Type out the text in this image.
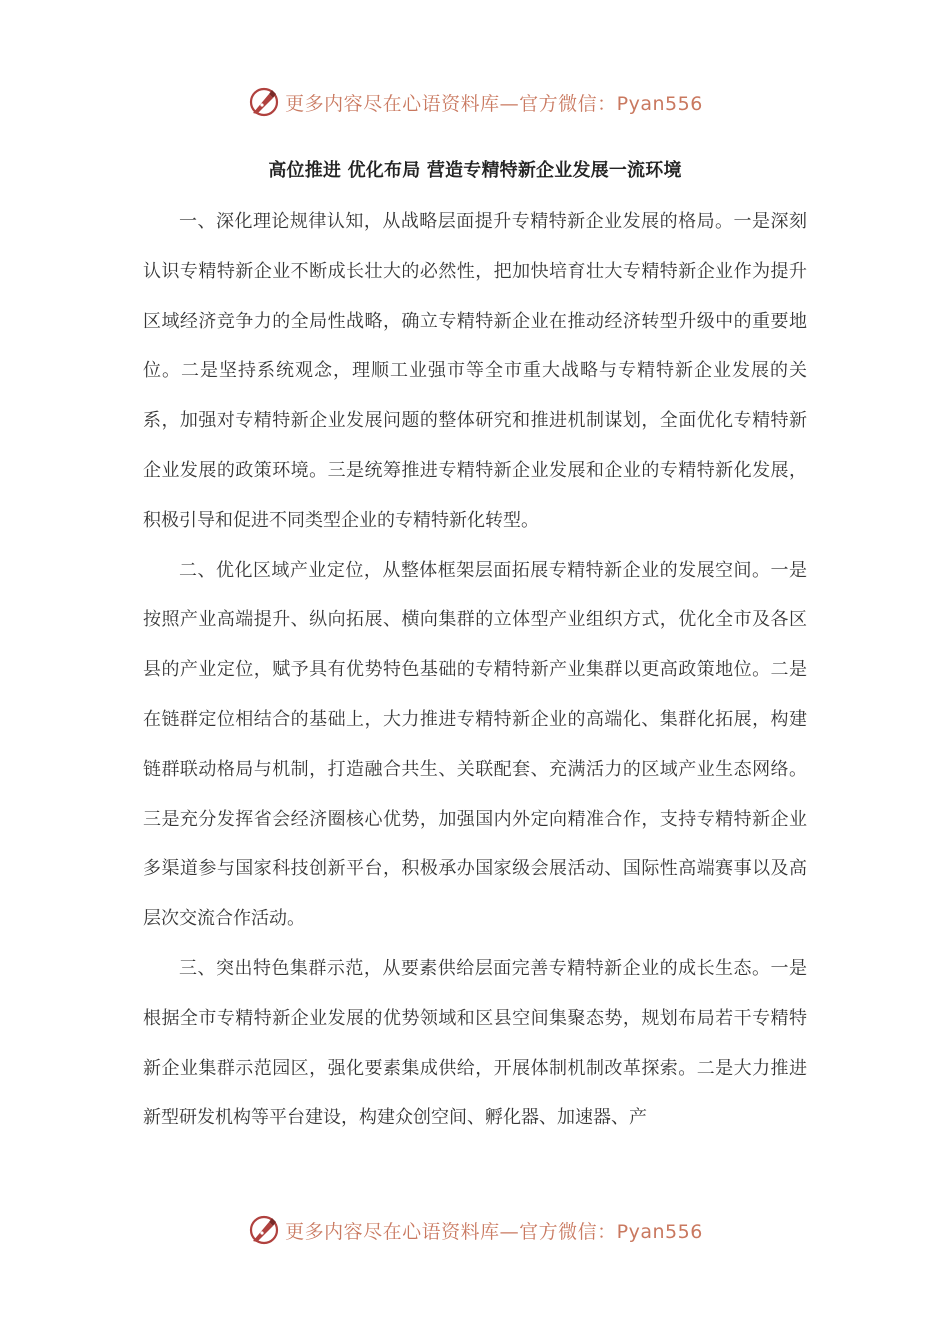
更多内容尽在心语资料库—官方微信：Pyan556
高位推进 优化布局 营造专精特新企业发展一流环境

一、深化理论规律认知，从战略层面提升专精特新企业发展的格局。一是深刻认识专精特新企业不断成长壮大的必然性，把加快培育壮大专精特新企业作为提升区域经济竞争力的全局性战略，确立专精特新企业在推动经济转型升级中的重要地位。二是坚持系统观念，理顺工业强市等全市重大战略与专精特新企业发展的关系，加强对专精特新企业发展问题的整体研究和推进机制谋划，全面优化专精特新企业发展的政策环境。三是统筹推进专精特新企业发展和企业的专精特新化发展，积极引导和促进不同类型企业的专精特新化转型。

二、优化区域产业定位，从整体框架层面拓展专精特新企业的发展空间。一是按照产业高端提升、纵向拓展、横向集群的立体型产业组织方式，优化全市及各区县的产业定位，赋予具有优势特色基础的专精特新产业集群以更高政策地位。二是在链群定位相结合的基础上，大力推进专精特新企业的高端化、集群化拓展，构建链群联动格局与机制，打造融合共生、关联配套、充满活力的区域产业生态网络。三是充分发挥省会经济圈核心优势，加强国内外定向精准合作，支持专精特新企业多渠道参与国家科技创新平台，积极承办国家级会展活动、国际性高端赛事以及高层次交流合作活动。

三、突出特色集群示范，从要素供给层面完善专精特新企业的成长生态。一是根据全市专精特新企业发展的优势领域和区县空间集聚态势，规划布局若干专精特新企业集群示范园区，强化要素集成供给，开展体制机制改革探索。二是大力推进新型研发机构等平台建设，构建众创空间、孵化器、加速器、产

更多内容尽在心语资料库—官方微信：Pyan556
